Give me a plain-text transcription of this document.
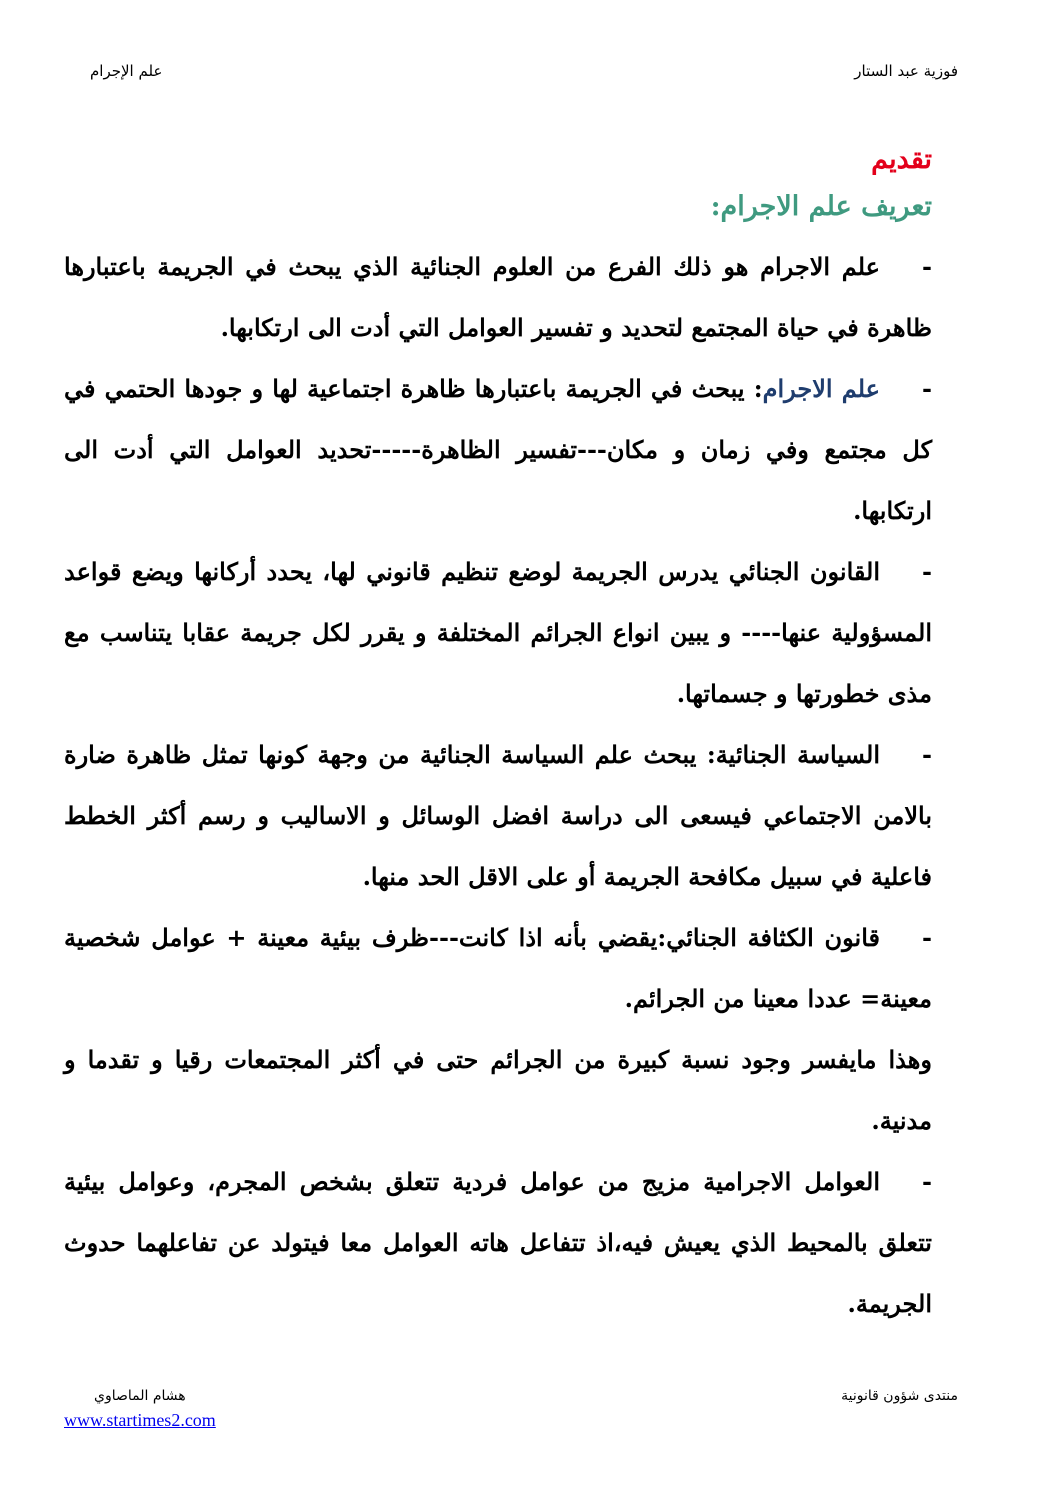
فوزية عبد الستار
علم الإجرام
تقديم
تعريف علم الاجرام:

-علم الاجرام هو ذلك الفرع من العلوم الجنائية الذي يبحث في الجريمة باعتبارها ظاهرة في حياة المجتمع لتحديد و تفسير العوامل التي أدت الى ارتكابها.

-علم الاجرام: يبحث في الجريمة باعتبارها ظاهرة اجتماعية لها و جودها الحتمي في كل مجتمع وفي زمان و مكان---تفسير الظاهرة-----تحديد العوامل التي أدت الى ارتكابها.

-القانون الجنائي يدرس الجريمة لوضع تنظيم قانوني لها، يحدد أركانها ويضع قواعد المسؤولية عنها---- و يبين انواع الجرائم المختلفة و يقرر لكل جريمة عقابا يتناسب مع مذى خطورتها و جسماتها.

-السياسة الجنائية: يبحث علم السياسة الجنائية من وجهة كونها تمثل ظاهرة ضارة بالامن الاجتماعي فيسعى الى دراسة افضل الوسائل و الاساليب و رسم أكثر الخطط فاعلية في سبيل مكافحة الجريمة أو على الاقل الحد منها.

-قانون الكثافة الجنائي:يقضي بأنه اذا كانت---ظرف بيئية معينة + عوامل شخصية معينة= عددا معينا من الجرائم.

وهذا مايفسر وجود نسبة كبيرة من الجرائم حتى في أكثر المجتمعات رقيا و تقدما و مدنية.

-العوامل الاجرامية مزيج من عوامل فردية تتعلق بشخص المجرم، وعوامل بيئية تتعلق بالمحيط الذي يعيش فيه،اذ تتفاعل هاته العوامل معا فيتولد عن تفاعلهما حدوث الجريمة.

منتدى شؤون قانونية
هشام الماصاوي
www.startimes2.com
